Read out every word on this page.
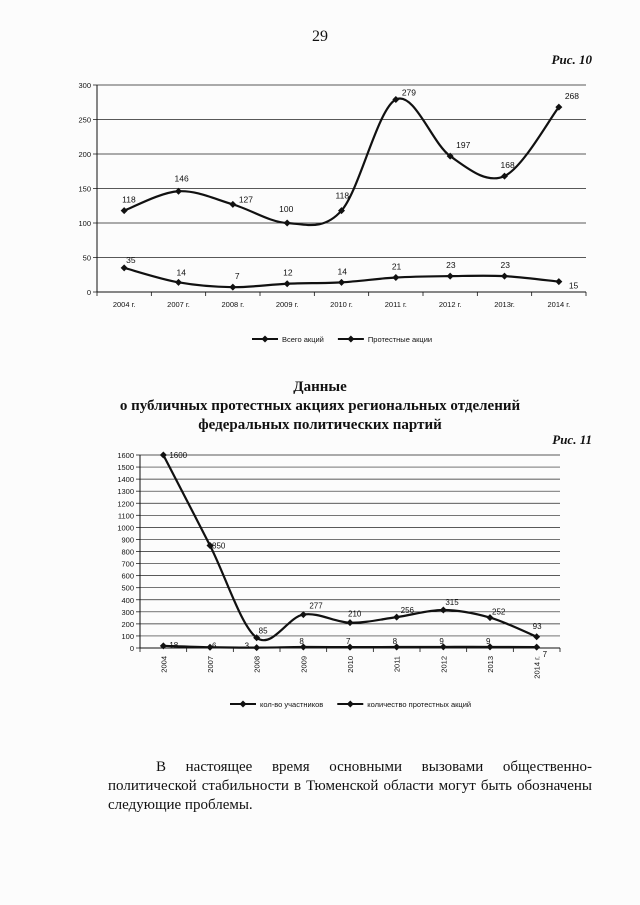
29
Рис. 10
0
50
100
150
200
250
300
2004 г.	2007 г.	2008 г.	2009 г.	2010 г.	2011 г.	2012 г.	2013г.	2014 г.
118
146
127
100
118
279
197
168
268
35
14	7	12	14	21	23	23
15
Всего акций	Протестные акции
Данные
о публичных протестных акциях региональных отделений
федеральных политических партий
Рис. 11
0
100
200
300
400
500
600
700
800
900
1000
1100
1200
1300
1400
1500
1600
2004	2007	2008	2009	2010	2011	2012	2013	2014 г.
1600
850
85
277
210	256
315
252
93
18	6	3
8	7	8	9	9
7
кол-во участников	количество протестных акций
В настоящее время основными вызовами общественно-политической стабильности в Тюменской области могут быть обозначены следующие проблемы.
